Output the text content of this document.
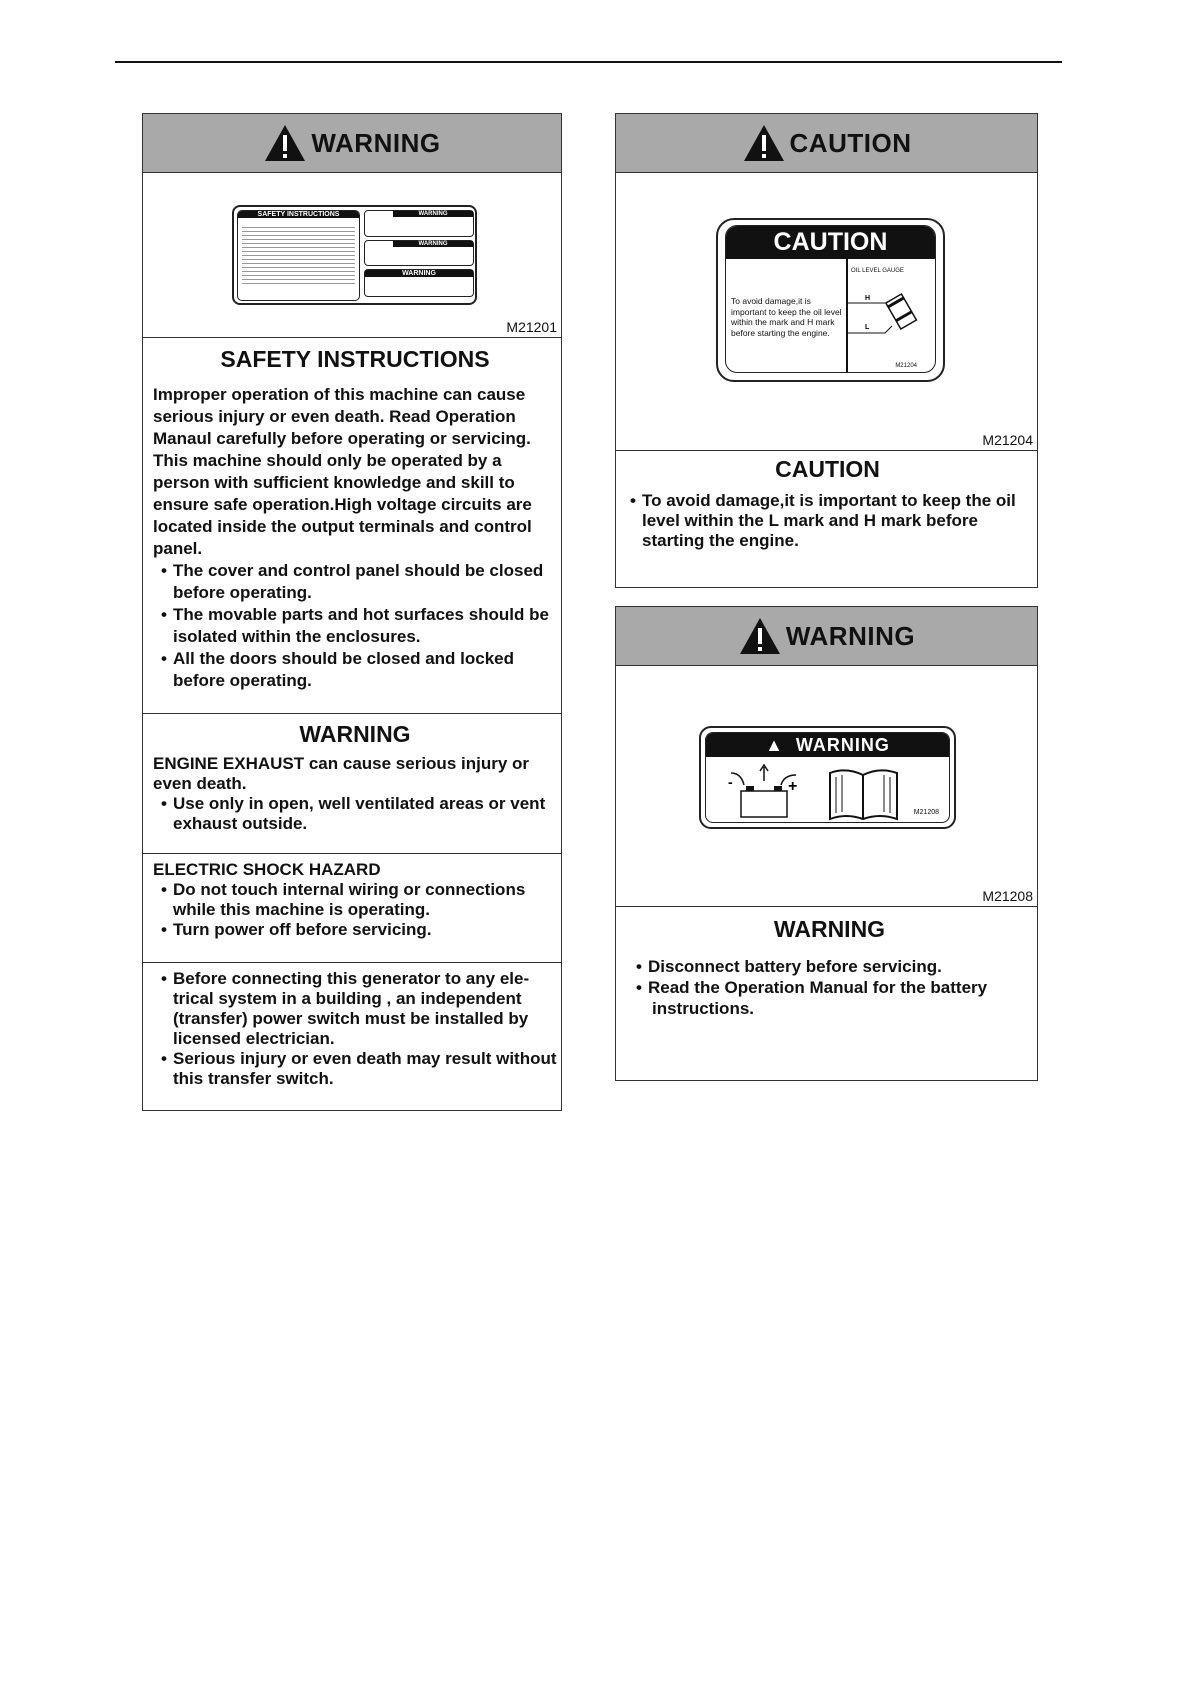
WARNING
SAFETY INSTRUCTIONS	WARNING
WARNING
WARNING
M21201
SAFETY INSTRUCTIONS
Improper operation of this machine can cause serious injury or even death. Read Operation Manaul carefully before operating or servicing. This machine should only be operated by a person with sufficient knowledge and skill to ensure safe operation.High voltage circuits are located inside the output terminals and control panel.
• The cover and control panel should be closed before operating.
• The movable parts and hot surfaces should be isolated within the enclosures.
• All the doors should be closed and locked before operating.
WARNING
ENGINE EXHAUST can cause serious injury or even death.
• Use only in open, well ventilated areas or vent exhaust outside.
ELECTRIC SHOCK HAZARD
• Do not touch internal wiring or connections while this machine is operating.
• Turn power off before servicing.
• Before connecting this generator to any ele-trical system in a building , an independent (transfer) power switch must be installed by licensed electrician.
• Serious injury or even death may result without this transfer switch.
CAUTION
CAUTION
To avoid damage,it is important to keep the oil level within the mark and H mark before starting the engine.
OIL LEVEL GAUGE
H
L
M21204
M21204
CAUTION
• To avoid damage,it is important to keep the oil level within the L mark and H mark before starting the engine.
WARNING
▲  WARNING
-	+
M21208
M21208
WARNING
• Disconnect battery before servicing.
• Read the Operation Manual for the battery instructions.
